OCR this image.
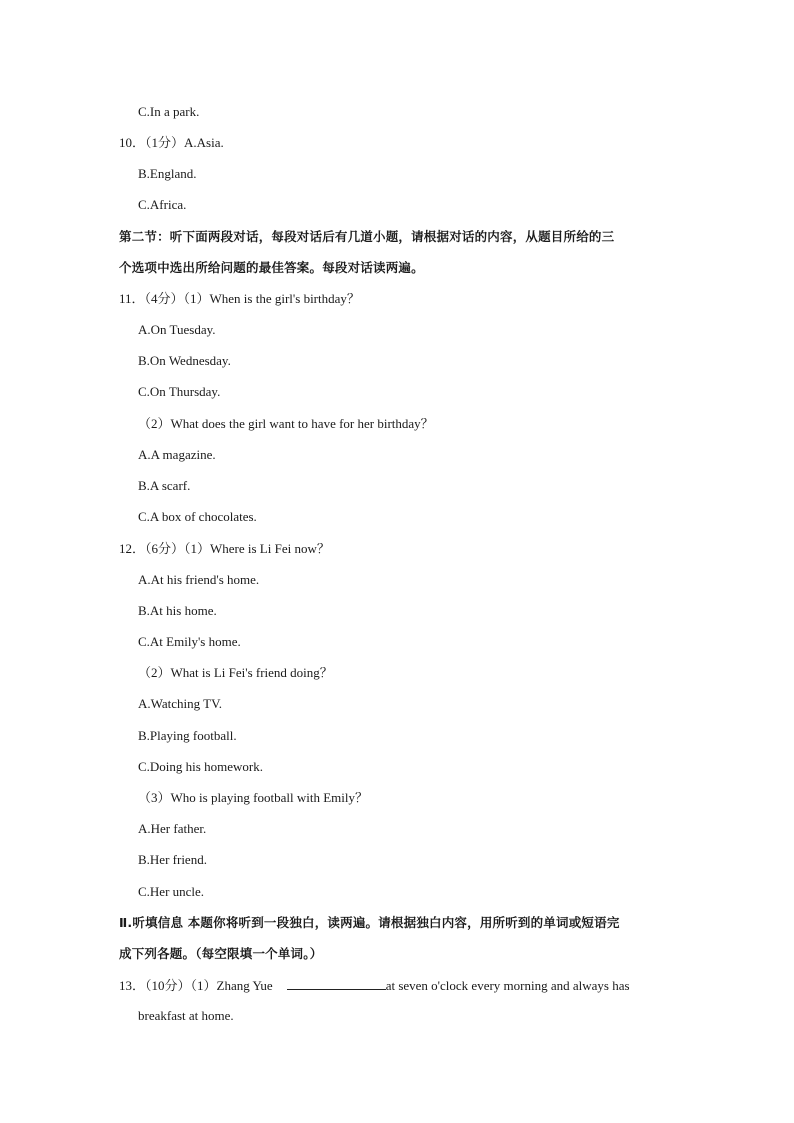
C.In a park.
10．（1分）A.Asia.
B.England.
C.Africa.
第二节：听下面两段对话，每段对话后有几道小题，请根据对话的内容，从题目所给的三
个选项中选出所给问题的最佳答案。每段对话读两遍。
11．（4分）（1）When is the girl's birthday？
A.On Tuesday.
B.On Wednesday.
C.On Thursday.
（2）What does the girl want to have for her birthday？
A.A magazine.
B.A scarf.
C.A box of chocolates.
12．（6分）（1）Where is Li Fei now？
A.At his friend's home.
B.At his home.
C.At Emily's home.
（2）What is Li Fei's friend doing？
A.Watching TV.
B.Playing football.
C.Doing his homework.
（3）Who is playing football with Emily？
A.Her father.
B.Her friend.
C.Her uncle.
Ⅱ.听填信息 本题你将听到一段独白，读两遍。请根据独白内容，用所听到的单词或短语完
成下列各题。（每空限填一个单词。）
13．（10分）（1）Zhang Yue	at seven o'clock every morning and always has
breakfast at home.
